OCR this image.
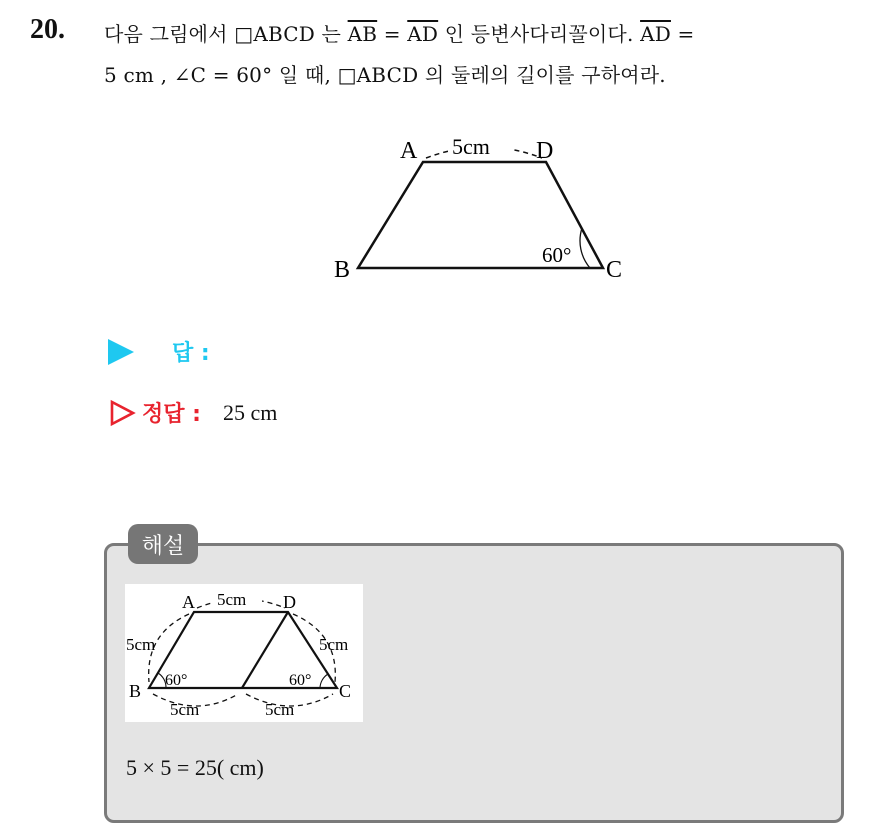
20. 다음 그림에서 □ABCD 는 $\overline{AB} = \overline{AD}$ 인 등변사다리꼴이다. $\overline{AD}$ =
5 cm , ∠C = 60° 일 때, □ABCD 의 둘레의 길이를 구하여라.
5cm
A	D
B	C
60°
답 :
정답 : 25 cm
해설
5cm
5cm	5cm
5cm	5cm
A	D
B	C
60°	60°
5 × 5 = 25( cm)
